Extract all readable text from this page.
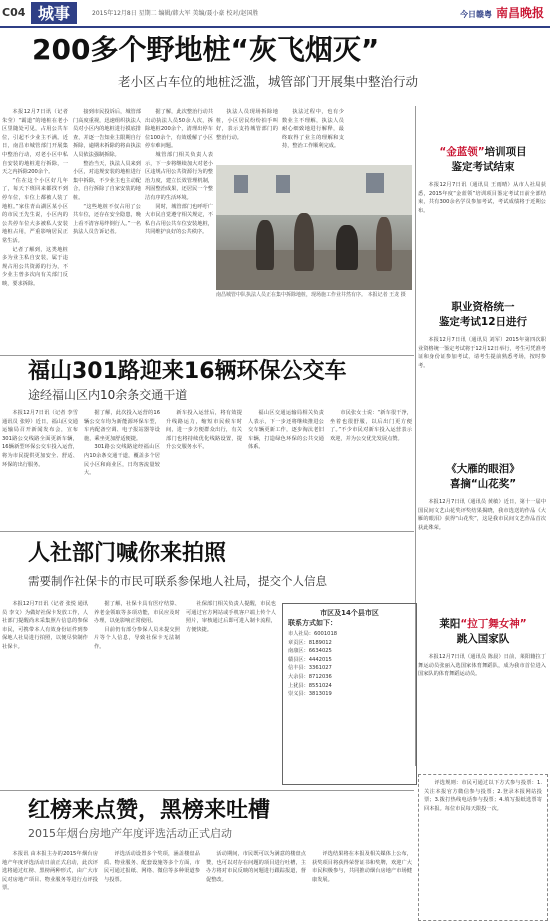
C04 城事	2015年12月8日 星期二 编辑/韩大军 美编/聂小豪 校对/赵国胜	今日赣粤 南昌晚报
200多个野地桩“灰飞烟灭”
老小区占车位的地桩泛滥，城管部门开展集中整治行动

本报12月7日讯（记者 朱莹）“霸道”的地桩在老小区里随处可见，占用公共车位，引起不少业主不满。近日，南昌市城管部门开展集中整治行动，对老小区中私自安装的地桩进行拆除，一天之内拆除200余个。

“住在这个小区好几年了，每天下班回来都找不到停车位，车位上都被人装了地桩。”家住青山湖区某小区的市民王先生说，小区内的公共停车位大多被私人安装地桩占用，严重影响居民正常生活。

记者了解到，这类地桩多为业主私自安装，属于违规占用公共资源的行为，不少业主曾多次向有关部门反映，要求拆除。

接到市民投诉后，城管部门高度重视，迅速组织执法人员对小区内的地桩进行摸底排查，并逐一告知业主限期自行拆除，逾期未拆除的将由执法人员依法强制拆除。

整治当天，执法人员来到小区，对违规安装的地桩进行集中拆除，不少业主也主动配合，自行拆除了自家安装的地桩。

“这些地桩不仅占用了公共车位，还存在安全隐患，晚上看不清容易绊倒行人。”一名执法人员告诉记者。

据了解，此次整治行动共出动执法人员50余人次，拆除地桩200余个，清理出停车位100余个，有效缓解了小区停车难问题。

城管部门相关负责人表示，下一步将继续加大对老小区违规占用公共资源行为的整治力度，建立长效管理机制，巩固整治成果，还居民一个整洁有序的生活环境。

同时，城管部门也呼吁广大市民自觉遵守相关规定，不私自占用公共车位安装地桩，共同维护良好的公共秩序。

执法人员现场拆除地桩，小区居民纷纷拍手叫好，表示支持城管部门的整治行动。

执法过程中，也有少数业主不理解，执法人员耐心细致地进行解释，最终取得了业主的理解和支持，整治工作顺利完成。

南昌城管中队执法人员正在集中拆除地桩，现场施工作业井然有序。 本报记者 王龙 摄
“金蓝领”培训项目
鉴定考试结束

本报12月7日讯（通讯员 王雨晴）从市人社局获悉，2015年度“金蓝领”培训项目鉴定考试日前全部结束，共有300余名学员参加考试，考试成绩将于近期公布。

职业资格统一
鉴定考试12日进行

本报12月7日讯（通讯员 刘军）2015年第四次职业资格统一鉴定考试将于12月12日举行，考生可凭准考证和身份证参加考试，请考生提前熟悉考场，按时参考。

《大雁的眼泪》
喜摘“山花奖”

本报12月7日讯（通讯员 黄敏）近日，第十一届中国民间文艺山花奖评奖结果揭晓，我市选送的作品《大雁的眼泪》获得“山花奖”，这是我市民间文艺作品首次获此殊荣。

莱阳“拉丁舞女神”
跳入国家队

本报12月7日讯（通讯员 陈晨）日前，莱阳籍拉丁舞运动员张丽入选国家体育舞蹈队，成为我市首位进入国家队的体育舞蹈运动员。

福山301路迎来16辆环保公交车
途经福山区内10余条交通干道

本报12月7日讯（记者 李雪 通讯员 张婷）近日，福山区交通运输局召开新闻发布会，宣布301路公交线路全面更新车辆，16辆新型环保公交车投入运营，将为市民提供更加安全、舒适、环保的出行服务。

据了解，此次投入运营的16辆公交车均为新能源环保车型，车内配备空调、电子报站器等设施，乘坐更加舒适便捷。

301路公交线路途经福山区内10余条交通干道，覆盖多个居民小区和商业区，日均客流量较大。

新车投入运营后，将有效提升线路运力，缩短市民候车时间，进一步方便群众出行，有关部门也将持续优化线路设置，提升公交服务水平。

福山区交通运输局相关负责人表示，下一步还将继续推进公交车辆更新工作，逐步淘汰老旧车辆，打造绿色环保的公共交通体系。

市民张女士说：“新车很干净，坐着也很舒服，以后出门更方便了。”不少市民对新车投入运营表示欢迎，并为公交优先发展点赞。

人社部门喊你来拍照
需要制作社保卡的市民可联系参保地人社局，提交个人信息

本报12月7日讯（记者 张悦 通讯员 李文）为做好社保卡发放工作，人社部门提醒尚未采集照片信息的参保市民，可携带本人有效身份证件到参保地人社局进行拍照，以便尽快制作社保卡。

据了解，社保卡具有医疗结算、养老金领取等多项功能，市民应及时办理，以免影响正常使用。

目前仍有部分参保人员未提交照片等个人信息，导致社保卡无法制作。

社保部门相关负责人提醒，市民也可通过官方网站或手机客户端上传个人照片，审核通过后即可进入制卡流程，方便快捷。

市区及14个县市区
联系方式如下：
市人社局：6001018
章贡区：8189012
南康区：6634025
赣县区：4442015
信丰县：3361027
大余县：8712036
上犹县：8551024
崇义县：3813019
红榜来点赞，黑榜来吐槽
2015年烟台房地产年度评选活动正式启动

本报讯 由本报主办的2015年烟台房地产年度评选活动日前正式启动，此次评选将通过红榜、黑榜两种形式，由广大市民对房地产项目、物业服务等进行点评投票。

评选活动设置多个奖项，涵盖楼盘品质、物业服务、配套设施等多个方面，市民可通过报纸、网络、微信等多种渠道参与投票。

活动期间，市民既可以为满意的楼盘点赞，也可以对存在问题的项目进行吐槽，主办方将对市民反映的问题进行跟踪报道，督促整改。

评选结果将在本报及相关媒体上公布，获奖项目将获得荣誉证书和奖牌，欢迎广大市民积极参与，共同推动烟台房地产市场健康发展。

评选规则：市民可通过以下方式参与投票：1.关注本报官方微信参与投票；2.登录本报网站投票；3.拨打热线电话参与投票；4.填写报纸选票寄回本报。每位市民每天限投一次。
